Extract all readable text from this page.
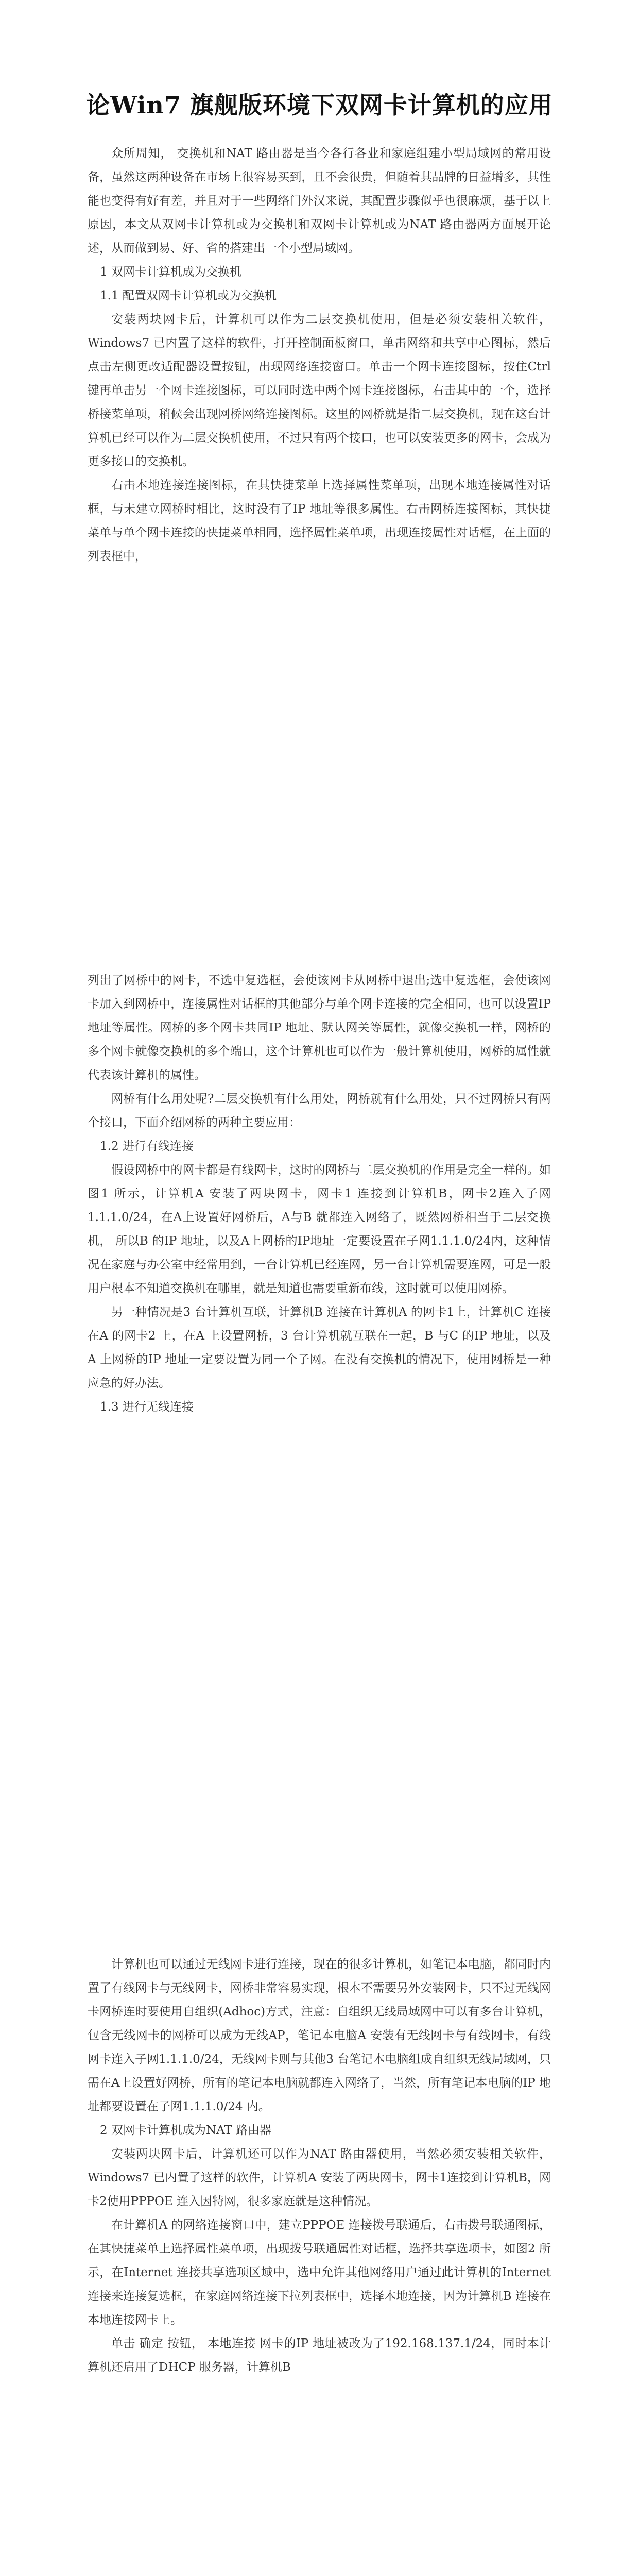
论Win7 旗舰版环境下双网卡计算机的应用

众所周知， 交换机和NAT 路由器是当今各行各业和家庭组建小型局域网的常用设备，虽然这两种设备在市场上很容易买到，且不会很贵，但随着其品牌的日益增多，其性能也变得有好有差，并且对于一些网络门外汉来说，其配置步骤似乎也很麻烦，基于以上原因，本文从双网卡计算机或为交换机和双网卡计算机或为NAT 路由器两方面展开论述，从而做到易、好、省的搭建出一个小型局域网。

1 双网卡计算机成为交换机

1.1 配置双网卡计算机或为交换机

安装两块网卡后，计算机可以作为二层交换机使用，但是必须安装相关软件，Windows7 已内置了这样的软件，打开控制面板窗口，单击网络和共享中心图标，然后点击左侧更改适配器设置按钮，出现网络连接窗口。单击一个网卡连接图标，按住Ctrl 键再单击另一个网卡连接图标，可以同时选中两个网卡连接图标，右击其中的一个，选择桥接菜单项，稍候会出现网桥网络连接图标。这里的网桥就是指二层交换机，现在这台计算机已经可以作为二层交换机使用，不过只有两个接口，也可以安装更多的网卡，会成为更多接口的交换机。

右击本地连接连接图标，在其快捷菜单上选择属性菜单项，出现本地连接属性对话框，与未建立网桥时相比，这时没有了IP 地址等很多属性。右击网桥连接图标，其快捷菜单与单个网卡连接的快捷菜单相同，选择属性菜单项，出现连接属性对话框，在上面的列表框中，

列出了网桥中的网卡，不选中复选框，会使该网卡从网桥中退出;选中复选框，会使该网卡加入到网桥中，连接属性对话框的其他部分与单个网卡连接的完全相同，也可以设置IP 地址等属性。网桥的多个网卡共同IP 地址、默认网关等属性，就像交换机一样，网桥的多个网卡就像交换机的多个端口，这个计算机也可以作为一般计算机使用，网桥的属性就代表该计算机的属性。

网桥有什么用处呢?二层交换机有什么用处，网桥就有什么用处，只不过网桥只有两个接口，下面介绍网桥的两种主要应用：

1.2 进行有线连接

假设网桥中的网卡都是有线网卡，这时的网桥与二层交换机的作用是完全一样的。如图1 所示，计算机A 安装了两块网卡，网卡1 连接到计算机B，网卡2连入子网1.1.1.0/24，在A上设置好网桥后，A与B 就都连入网络了，既然网桥相当于二层交换机， 所以B 的IP 地址，以及A上网桥的IP地址一定要设置在子网1.1.1.0/24内，这种情况在家庭与办公室中经常用到，一台计算机已经连网，另一台计算机需要连网，可是一般用户根本不知道交换机在哪里，就是知道也需要重新布线，这时就可以使用网桥。

另一种情况是3 台计算机互联，计算机B 连接在计算机A 的网卡1上，计算机C 连接在A 的网卡2 上，在A 上设置网桥，3 台计算机就互联在一起，B 与C 的IP 地址，以及A 上网桥的IP 地址一定要设置为同一个子网。在没有交换机的情况下，使用网桥是一种应急的好办法。

1.3 进行无线连接

计算机也可以通过无线网卡进行连接，现在的很多计算机，如笔记本电脑，都同时内置了有线网卡与无线网卡，网桥非常容易实现，根本不需要另外安装网卡，只不过无线网卡网桥连时要使用自组织(Adhoc)方式，注意：自组织无线局域网中可以有多台计算机，包含无线网卡的网桥可以成为无线AP，笔记本电脑A 安装有无线网卡与有线网卡，有线网卡连入子网1.1.1.0/24，无线网卡则与其他3 台笔记本电脑组成自组织无线局域网，只需在A上设置好网桥，所有的笔记本电脑就都连入网络了，当然，所有笔记本电脑的IP 地址都要设置在子网1.1.1.0/24 内。

2 双网卡计算机成为NAT 路由器

安装两块网卡后，计算机还可以作为NAT 路由器使用，当然必须安装相关软件，Windows7 已内置了这样的软件，计算机A 安装了两块网卡，网卡1连接到计算机B，网卡2使用PPPOE 连入因特网，很多家庭就是这种情况。

在计算机A 的网络连接窗口中，建立PPPOE 连接拨号联通后，右击拨号联通图标，在其快捷菜单上选择属性菜单项，出现拨号联通属性对话框，选择共享选项卡，如图2 所示，在Internet 连接共享选项区域中，选中允许其他网络用户通过此计算机的Internet 连接来连接复选框，在家庭网络连接下拉列表框中，选择本地连接，因为计算机B 连接在本地连接网卡上。

单击 确定 按钮， 本地连接 网卡的IP 地址被改为了192.168.137.1/24，同时本计算机还启用了DHCP 服务器，计算机B
